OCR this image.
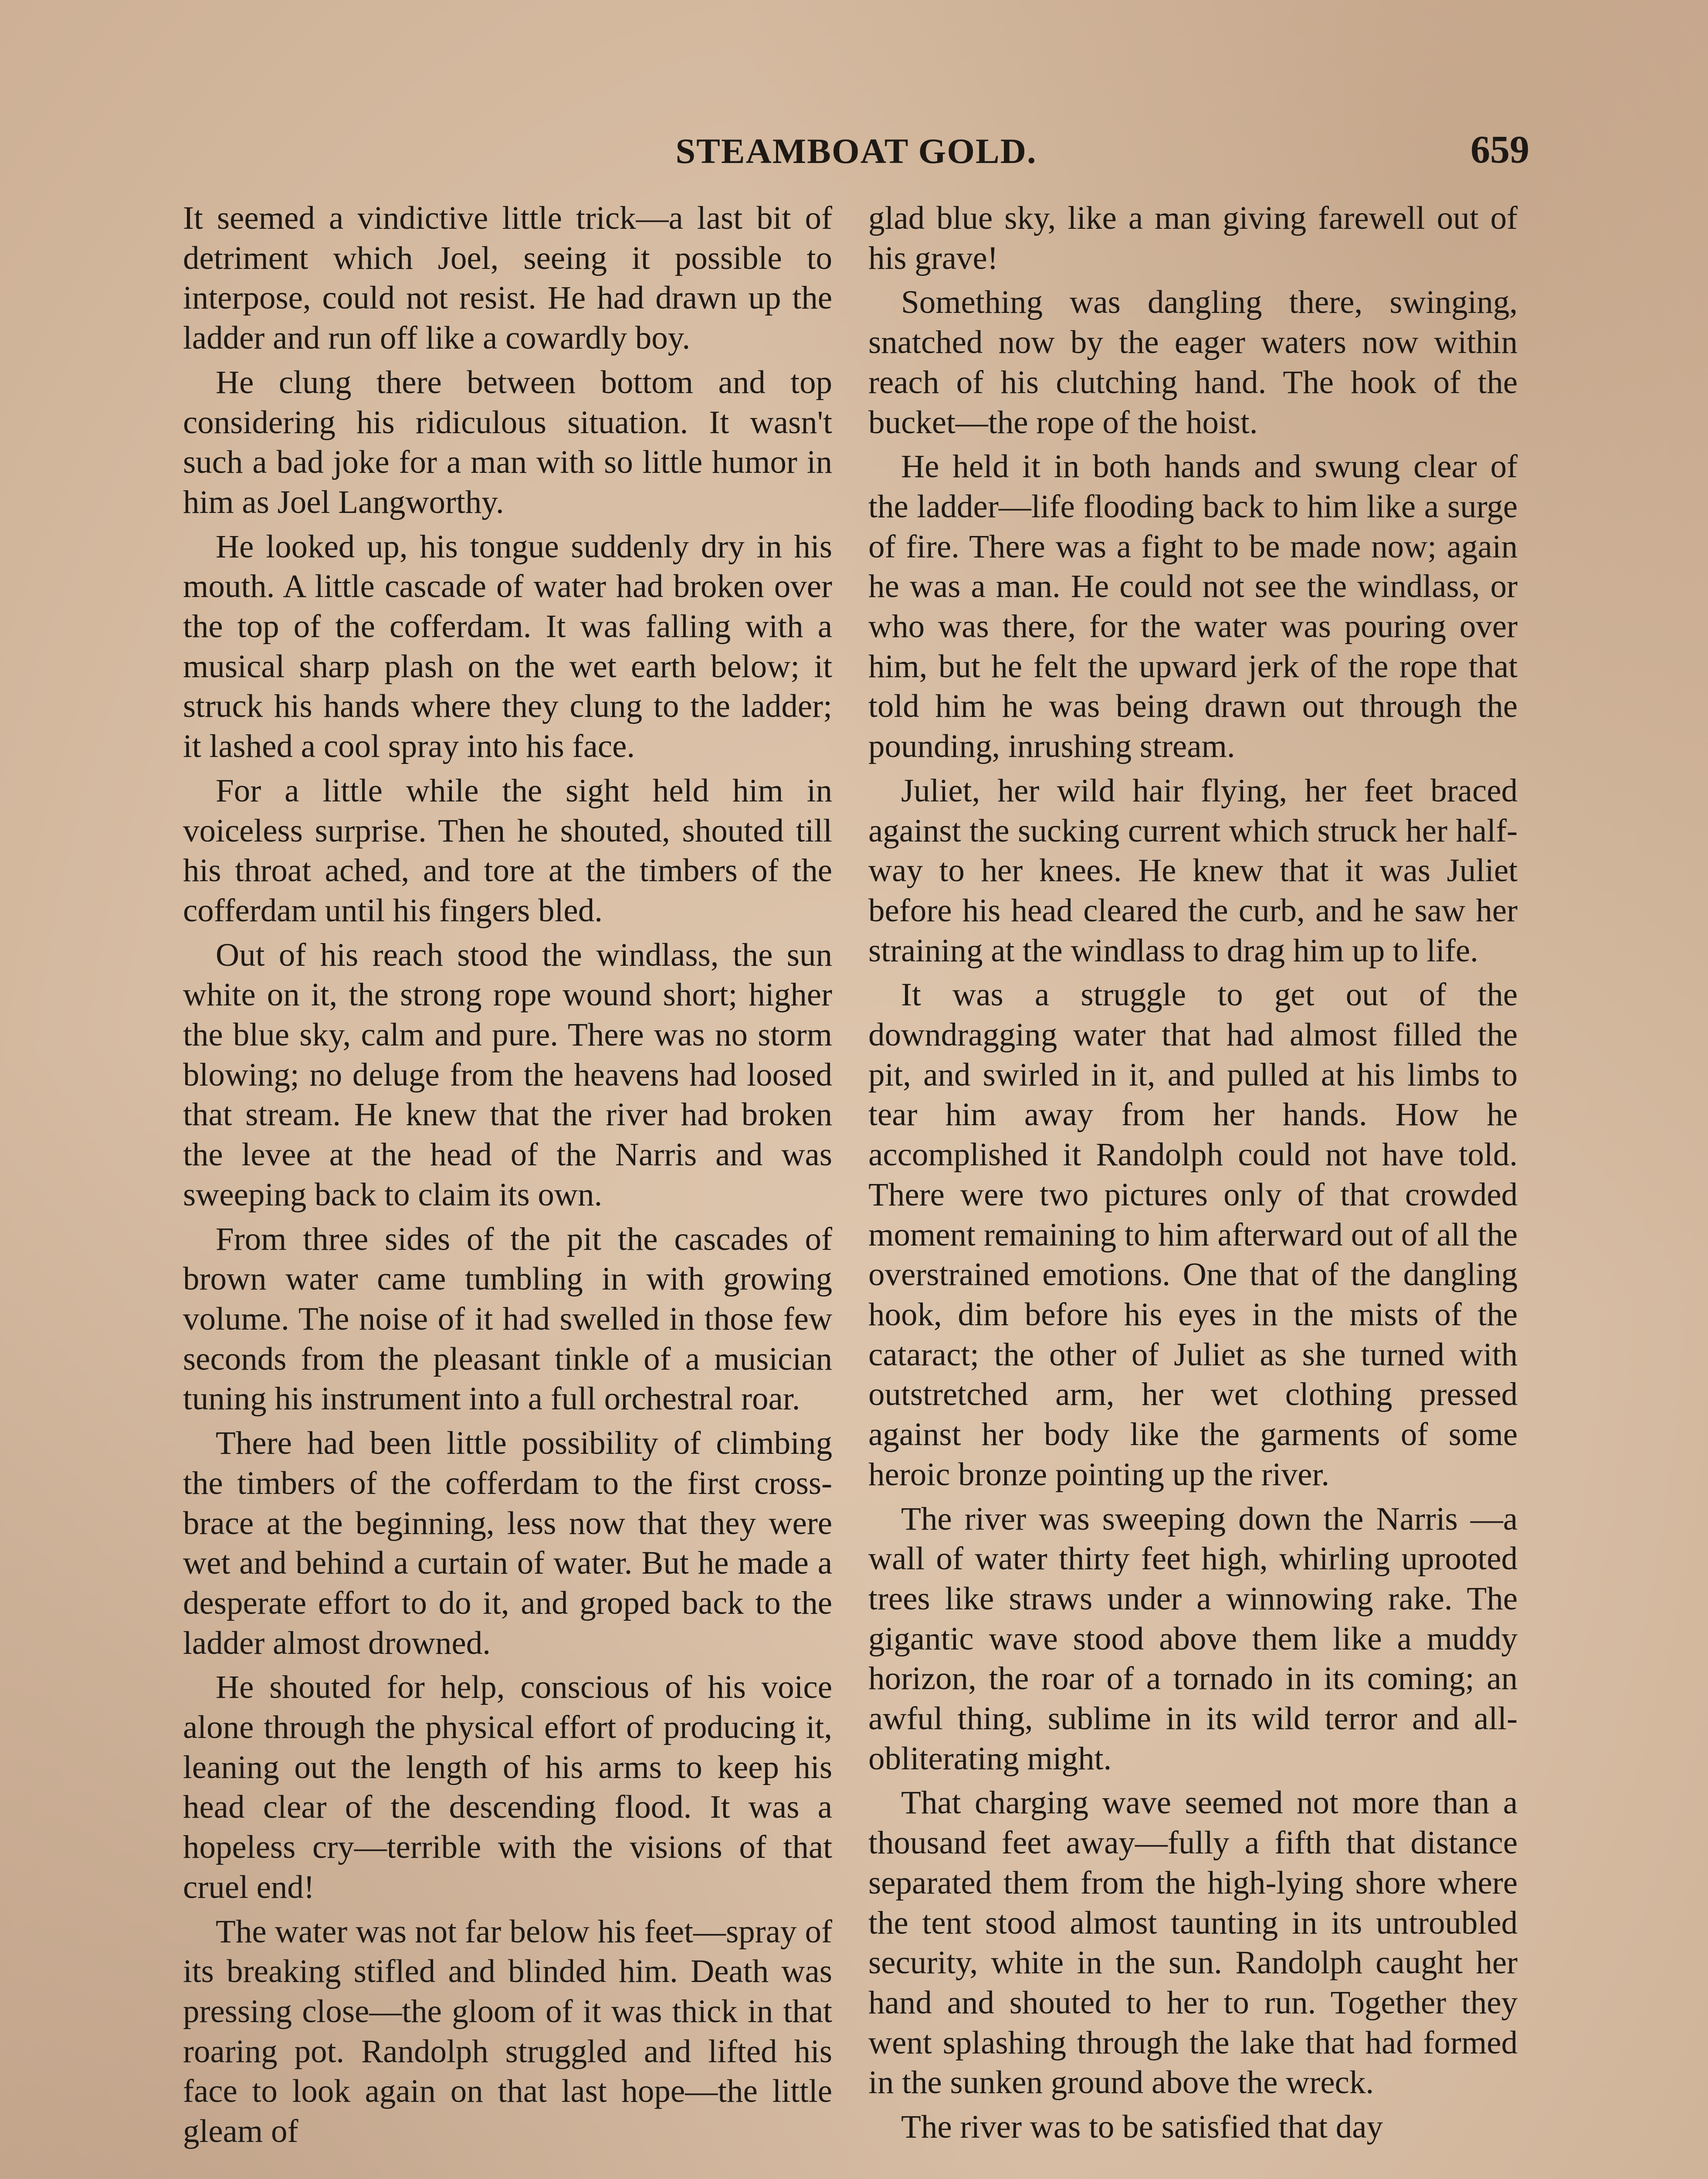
STEAMBOAT GOLD.	659

It seemed a vindictive little trick—a last bit of detriment which Joel, seeing it possible to interpose, could not resist. He had drawn up the ladder and run off like a cowardly boy.

He clung there between bottom and top considering his ridiculous situation. It wasn't such a bad joke for a man with so little humor in him as Joel Langworthy.

He looked up, his tongue suddenly dry in his mouth. A little cascade of water had broken over the top of the cofferdam. It was falling with a musical sharp plash on the wet earth below; it struck his hands where they clung to the ladder; it lashed a cool spray into his face.

For a little while the sight held him in voiceless surprise. Then he shouted, shouted till his throat ached, and tore at the timbers of the cofferdam until his fingers bled.

Out of his reach stood the windlass, the sun white on it, the strong rope wound short; higher the blue sky, calm and pure. There was no storm blowing; no deluge from the heavens had loosed that stream. He knew that the river had broken the levee at the head of the Narris and was sweeping back to claim its own.

From three sides of the pit the cascades of brown water came tumbling in with growing volume. The noise of it had swelled in those few seconds from the pleasant tinkle of a musician tuning his instrument into a full orchestral roar.

There had been little possibility of climbing the timbers of the cofferdam to the first cross-brace at the beginning, less now that they were wet and behind a curtain of water. But he made a desperate effort to do it, and groped back to the ladder almost drowned.

He shouted for help, conscious of his voice alone through the physical effort of producing it, leaning out the length of his arms to keep his head clear of the descending flood. It was a hopeless cry—terrible with the visions of that cruel end!

The water was not far below his feet—spray of its breaking stifled and blinded him. Death was pressing close—the gloom of it was thick in that roaring pot. Randolph struggled and lifted his face to look again on that last hope—the little gleam of

glad blue sky, like a man giving farewell out of his grave!

Something was dangling there, swinging, snatched now by the eager waters now within reach of his clutching hand. The hook of the bucket—the rope of the hoist.

He held it in both hands and swung clear of the ladder—life flooding back to him like a surge of fire. There was a fight to be made now; again he was a man. He could not see the windlass, or who was there, for the water was pouring over him, but he felt the upward jerk of the rope that told him he was being drawn out through the pounding, inrushing stream.

Juliet, her wild hair flying, her feet braced against the sucking current which struck her half-way to her knees. He knew that it was Juliet before his head cleared the curb, and he saw her straining at the windlass to drag him up to life.

It was a struggle to get out of the downdragging water that had almost filled the pit, and swirled in it, and pulled at his limbs to tear him away from her hands. How he accomplished it Randolph could not have told. There were two pictures only of that crowded moment remaining to him afterward out of all the overstrained emotions. One that of the dangling hook, dim before his eyes in the mists of the cataract; the other of Juliet as she turned with outstretched arm, her wet clothing pressed against her body like the garments of some heroic bronze pointing up the river.

The river was sweeping down the Narris —a wall of water thirty feet high, whirling uprooted trees like straws under a winnowing rake. The gigantic wave stood above them like a muddy horizon, the roar of a tornado in its coming; an awful thing, sublime in its wild terror and all-obliterating might.

That charging wave seemed not more than a thousand feet away—fully a fifth that distance separated them from the high-lying shore where the tent stood almost taunting in its untroubled security, white in the sun. Randolph caught her hand and shouted to her to run. Together they went splashing through the lake that had formed in the sunken ground above the wreck.

The river was to be satisfied that day
